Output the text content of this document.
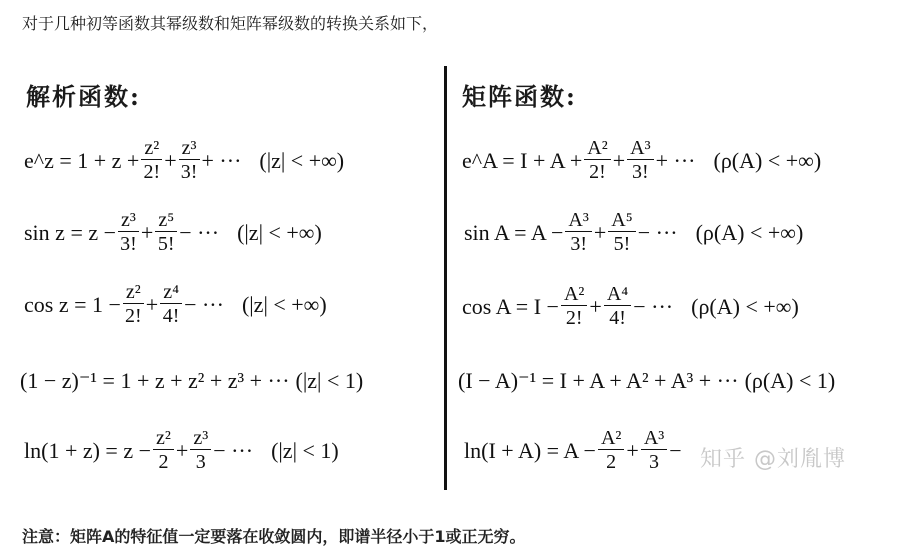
对于几种初等函数其幂级数和矩阵幂级数的转换关系如下，
解析函数:	矩阵函数:
e^z = $1 + z + \frac{\text{z²}}{2!} + \frac{\text{z³}}{3!}$ + ··· (|z| < +∞)
$\sin z = z - \frac{\text{z³}}{3!} + \frac{\text{z⁵}}{5!}$ − ··· (|z| < +∞)
$\cos z = 1 - \frac{\text{z²}}{2!} + \frac{\text{z⁴}}{4!}$ − ··· (|z| < +∞)
(1 − z)⁻¹ = 1 + z + z² + z³ + ··· (|z| < 1)
$\ln(1 + z) = z - \frac{\text{z²}}{2} + \frac{\text{z³}}{3}$ − ··· (|z| < 1)
e^A = $I + A + \frac{\text{A²}}{2!} + \frac{\text{A³}}{3!}$ + ··· (ρ(A) < +∞)
$\sin A = A - \frac{\text{A³}}{3!} + \frac{\text{A⁵}}{5!}$ − ··· (ρ(A) < +∞)
$\cos A = I - \frac{\text{A²}}{2!} + \frac{\text{A⁴}}{4!}$ − ··· (ρ(A) < +∞)
(I − A)⁻¹ = I + A + A² + A³ + ··· (ρ(A) < 1)
$\ln(I + A) = A - \frac{\text{A²}}{2} + \frac{\text{A³}}{3}$ − 知乎 @刘胤博
注意：矩阵A的特征值一定要落在收敛圆内，即谱半径小于1或正无穷。
